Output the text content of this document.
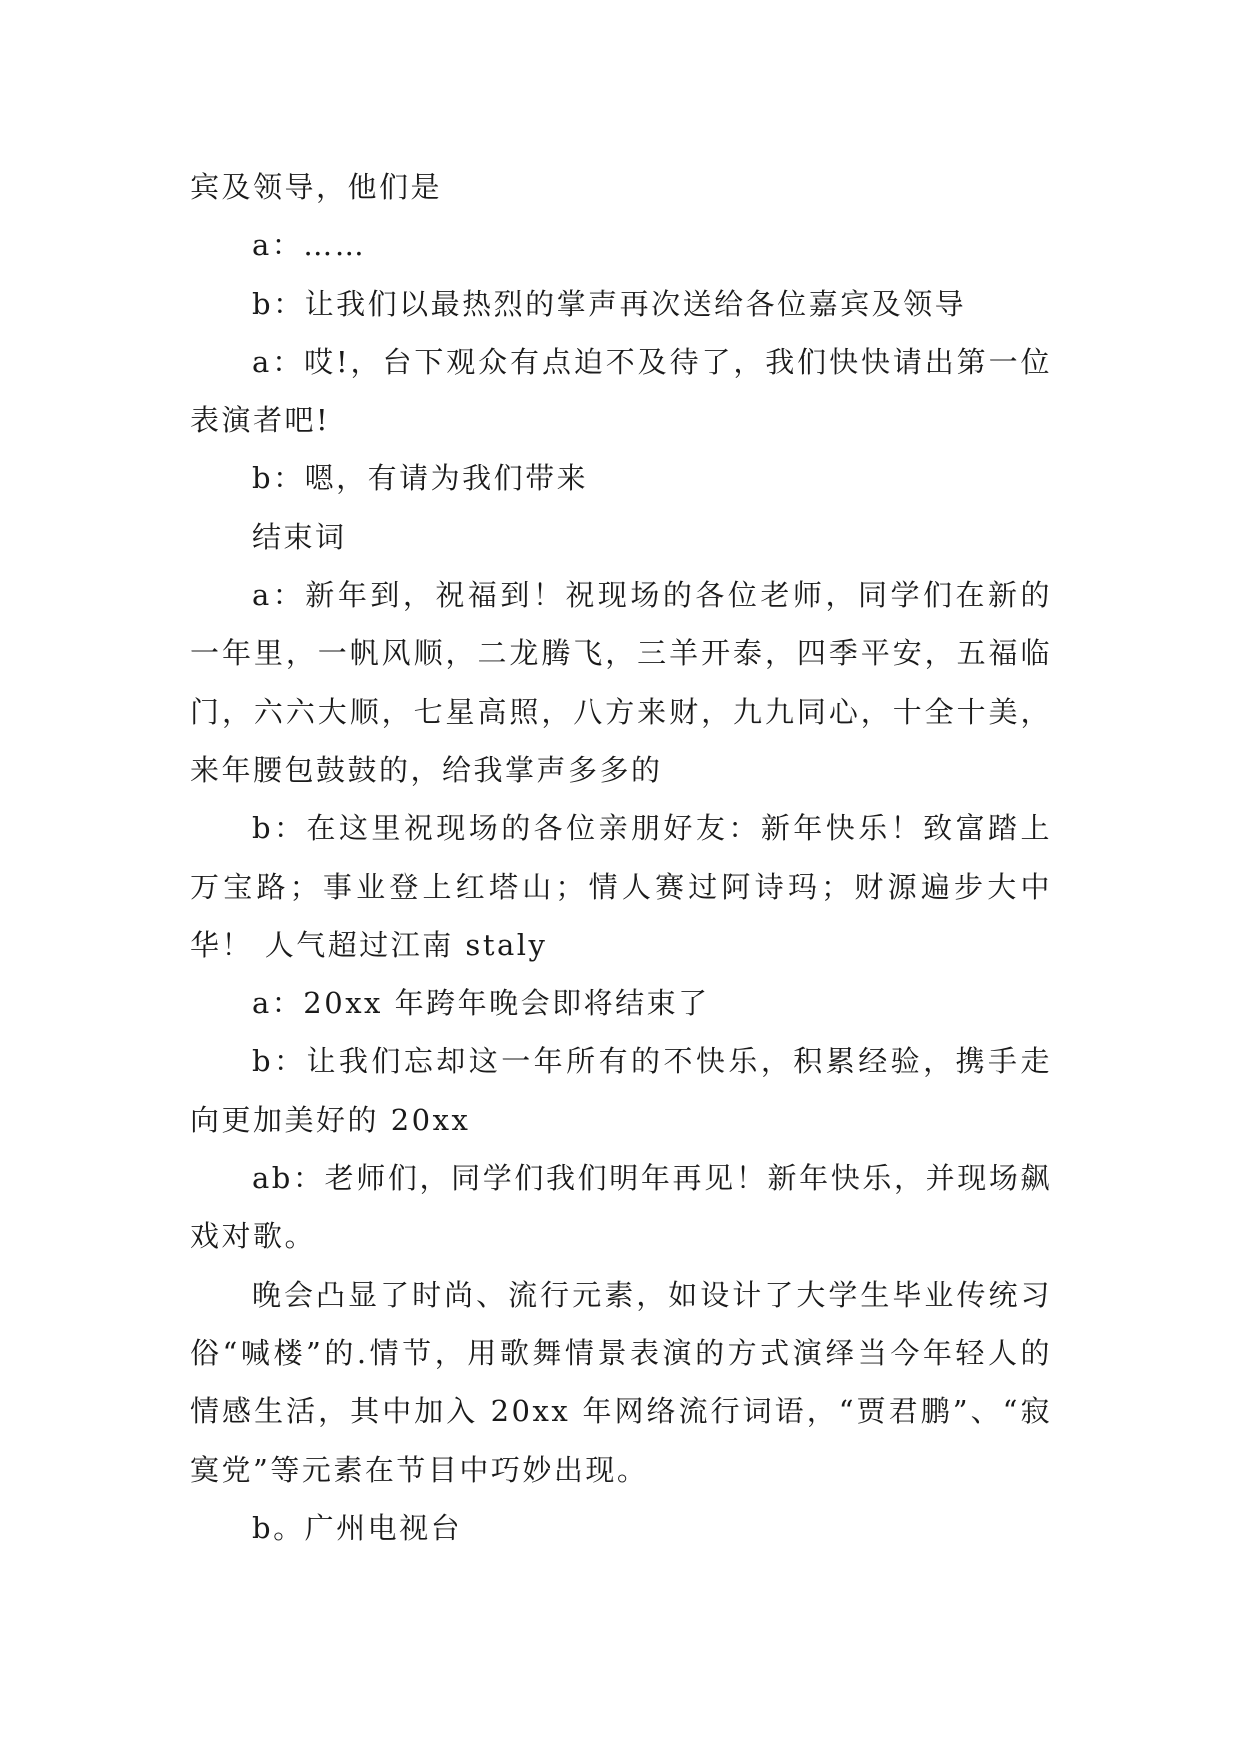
宾及领导，他们是

a：……

b：让我们以最热烈的掌声再次送给各位嘉宾及领导

a：哎!，台下观众有点迫不及待了，我们快快请出第一位表演者吧!

b：嗯，有请为我们带来

结束词

a：新年到，祝福到！祝现场的各位老师，同学们在新的一年里，一帆风顺，二龙腾飞，三羊开泰，四季平安，五福临门，六六大顺，七星高照，八方来财，九九同心，十全十美，来年腰包鼓鼓的，给我掌声多多的

b：在这里祝现场的各位亲朋好友：新年快乐！致富踏上万宝路；事业登上红塔山；情人赛过阿诗玛；财源遍步大中华！ 人气超过江南 staly

a：20xx 年跨年晚会即将结束了

b：让我们忘却这一年所有的不快乐，积累经验，携手走向更加美好的 20xx

ab：老师们，同学们我们明年再见！新年快乐，并现场飙戏对歌。

晚会凸显了时尚、流行元素，如设计了大学生毕业传统习俗“喊楼”的.情节，用歌舞情景表演的方式演绎当今年轻人的情感生活，其中加入 20xx 年网络流行词语，“贾君鹏”、“寂寞党”等元素在节目中巧妙出现。

b。广州电视台
